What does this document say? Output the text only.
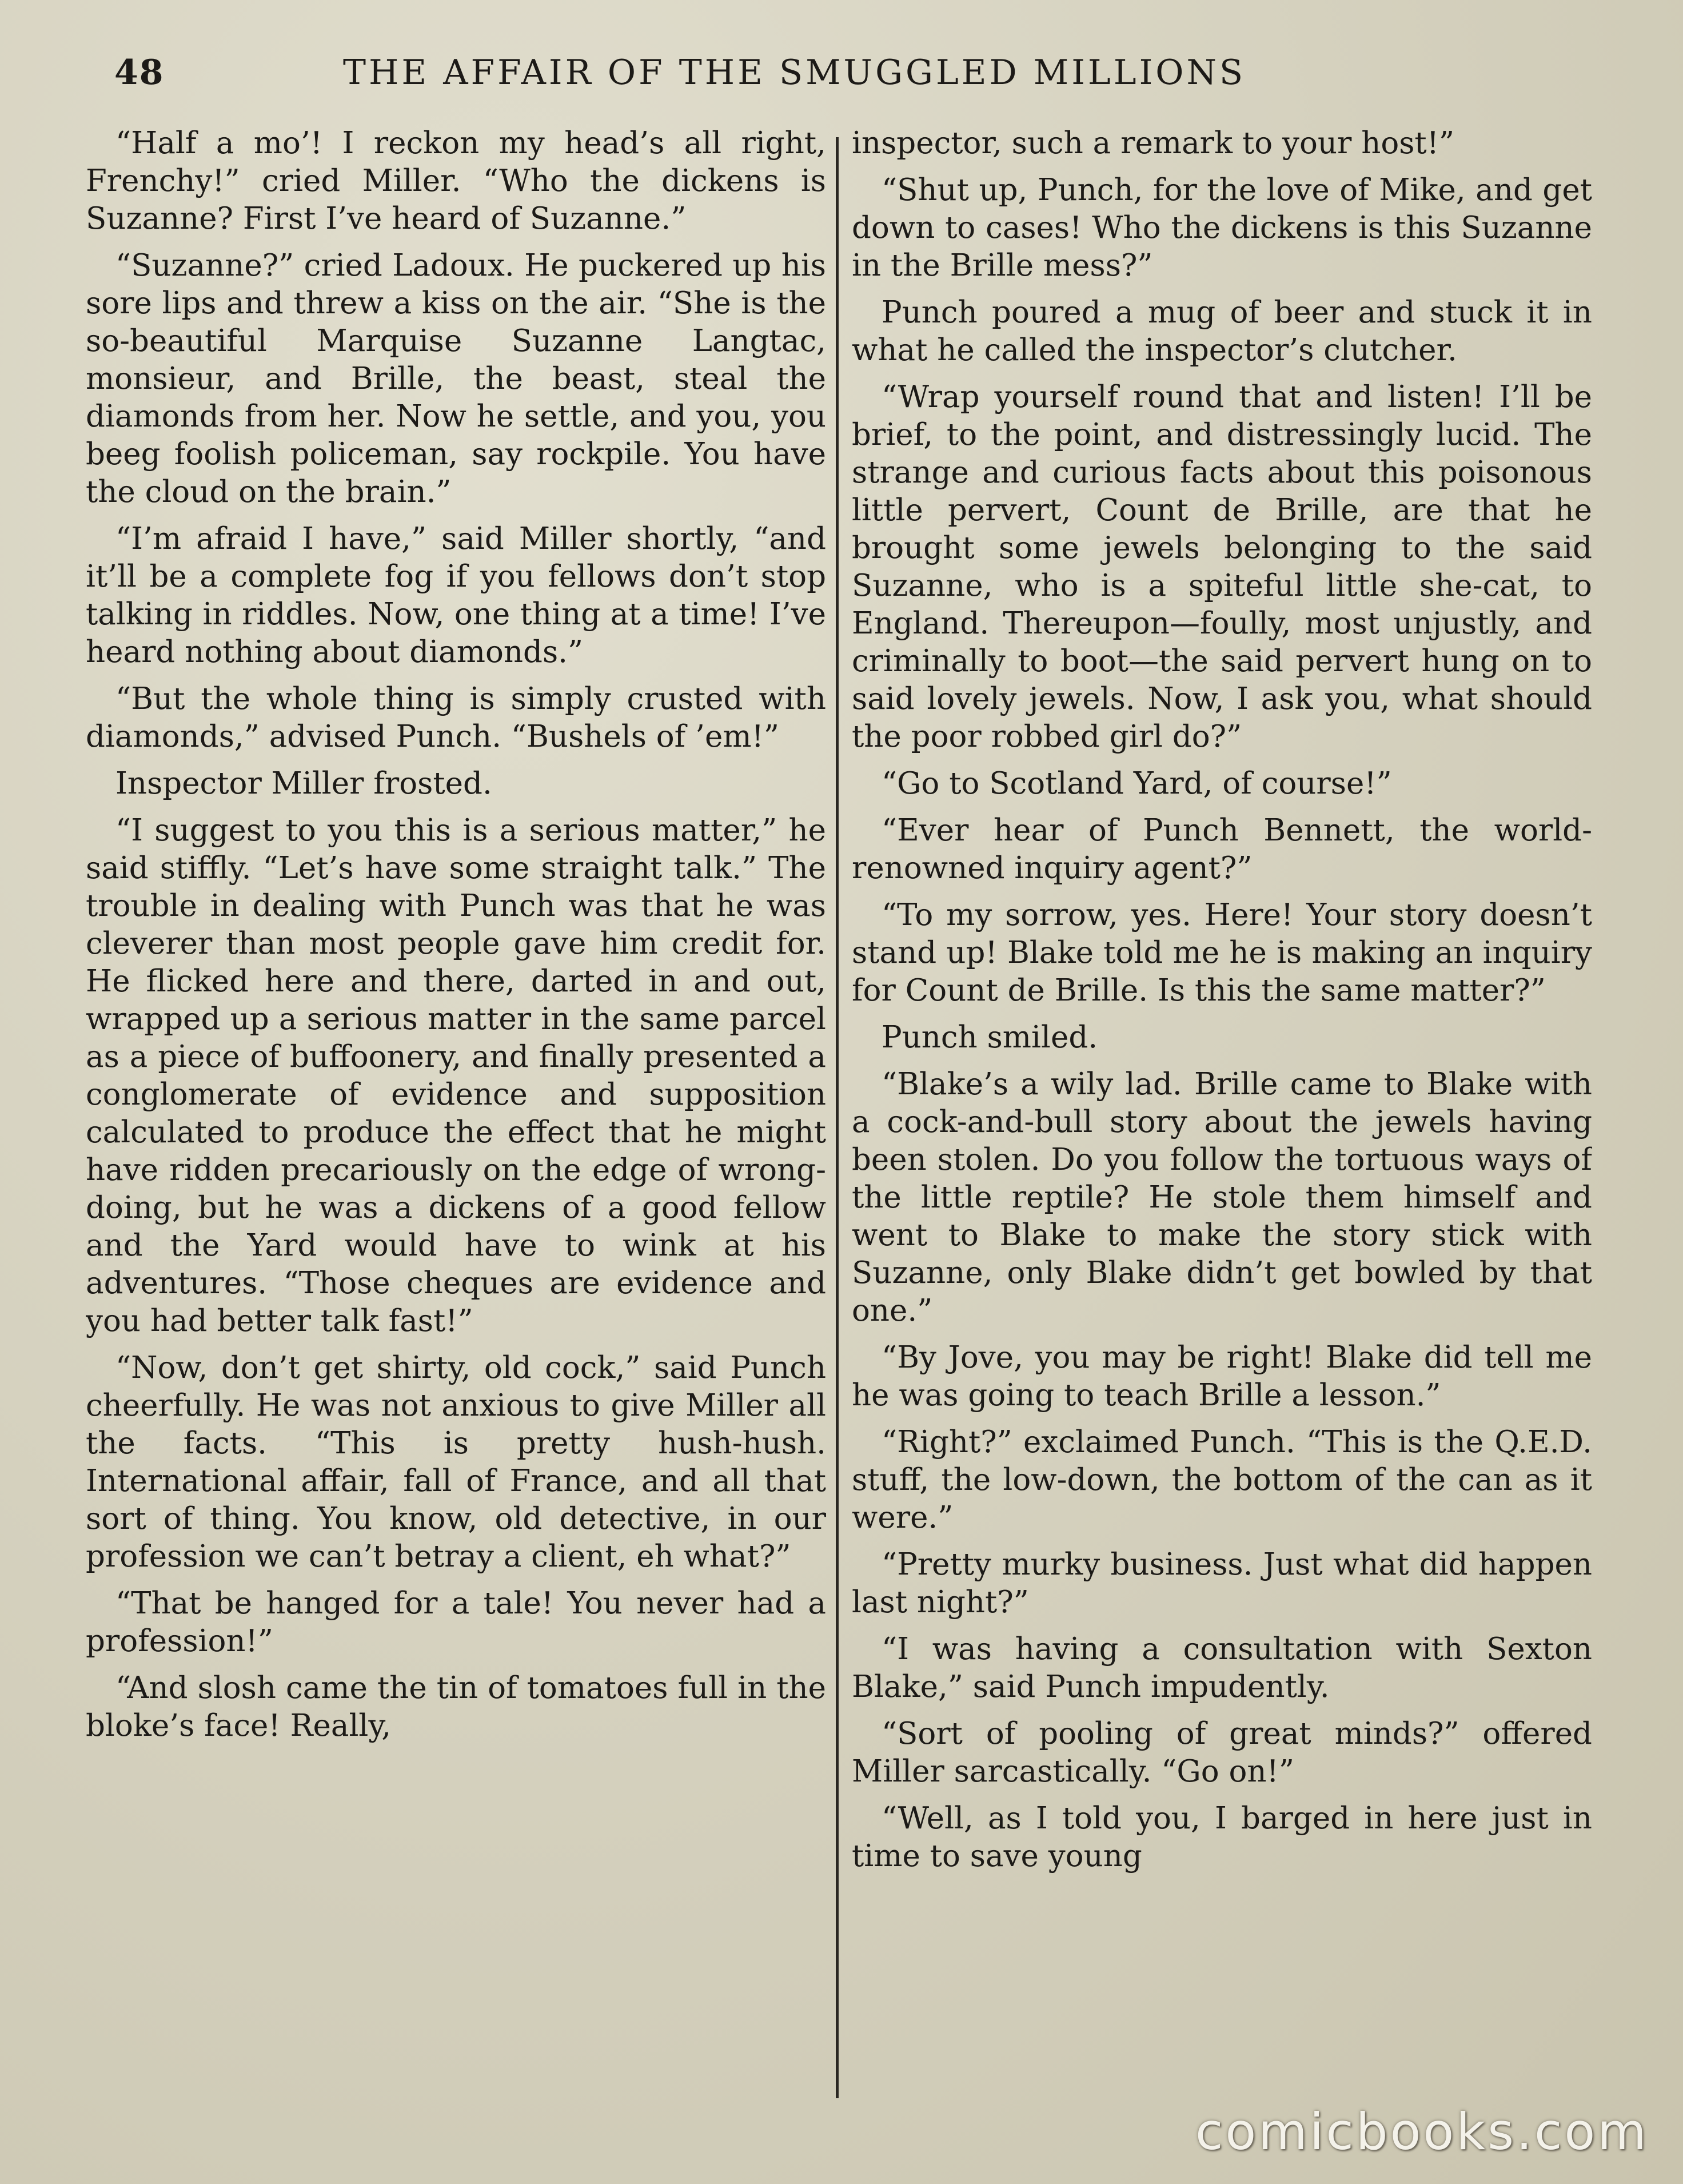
48	THE AFFAIR OF THE SMUGGLED MILLIONS

“Half a mo’! I reckon my head’s all right, Frenchy!” cried Miller. “Who the dickens is Suzanne? First I’ve heard of Suzanne.”

“Suzanne?” cried Ladoux. He puckered up his sore lips and threw a kiss on the air. “She is the so-beautiful Marquise Suzanne Langtac, monsieur, and Brille, the beast, steal the diamonds from her. Now he settle, and you, you beeg foolish policeman, say rockpile. You have the cloud on the brain.”

“I’m afraid I have,” said Miller shortly, “and it’ll be a complete fog if you fellows don’t stop talking in riddles. Now, one thing at a time! I’ve heard nothing about diamonds.”

“But the whole thing is simply crusted with diamonds,” advised Punch. “Bushels of ’em!”

Inspector Miller frosted.

“I suggest to you this is a serious matter,” he said stiffly. “Let’s have some straight talk.” The trouble in dealing with Punch was that he was cleverer than most people gave him credit for. He flicked here and there, darted in and out, wrapped up a serious matter in the same parcel as a piece of buffoonery, and finally presented a conglomerate of evidence and supposition calculated to produce the effect that he might have ridden precariously on the edge of wrong-doing, but he was a dickens of a good fellow and the Yard would have to wink at his adventures. “Those cheques are evidence and you had better talk fast!”

“Now, don’t get shirty, old cock,” said Punch cheerfully. He was not anxious to give Miller all the facts. “This is pretty hush-hush. International affair, fall of France, and all that sort of thing. You know, old detective, in our profession we can’t betray a client, eh what?”

“That be hanged for a tale! You never had a profession!”

“And slosh came the tin of tomatoes full in the bloke’s face! Really,

inspector, such a remark to your host!”

“Shut up, Punch, for the love of Mike, and get down to cases! Who the dickens is this Suzanne in the Brille mess?”

Punch poured a mug of beer and stuck it in what he called the inspector’s clutcher.

“Wrap yourself round that and listen! I’ll be brief, to the point, and distressingly lucid. The strange and curious facts about this poisonous little pervert, Count de Brille, are that he brought some jewels belonging to the said Suzanne, who is a spiteful little she-cat, to England. Thereupon—foully, most unjustly, and criminally to boot—the said pervert hung on to said lovely jewels. Now, I ask you, what should the poor robbed girl do?”

“Go to Scotland Yard, of course!”

“Ever hear of Punch Bennett, the world-renowned inquiry agent?”

“To my sorrow, yes. Here! Your story doesn’t stand up! Blake told me he is making an inquiry for Count de Brille. Is this the same matter?”

Punch smiled.

“Blake’s a wily lad. Brille came to Blake with a cock-and-bull story about the jewels having been stolen. Do you follow the tortuous ways of the little reptile? He stole them himself and went to Blake to make the story stick with Suzanne, only Blake didn’t get bowled by that one.”

“By Jove, you may be right! Blake did tell me he was going to teach Brille a lesson.”

“Right?” exclaimed Punch. “This is the Q.E.D. stuff, the low-down, the bottom of the can as it were.”

“Pretty murky business. Just what did happen last night?”

“I was having a consultation with Sexton Blake,” said Punch impudently.

“Sort of pooling of great minds?” offered Miller sarcastically. “Go on!”

“Well, as I told you, I barged in here just in time to save young

comicbooks.com
